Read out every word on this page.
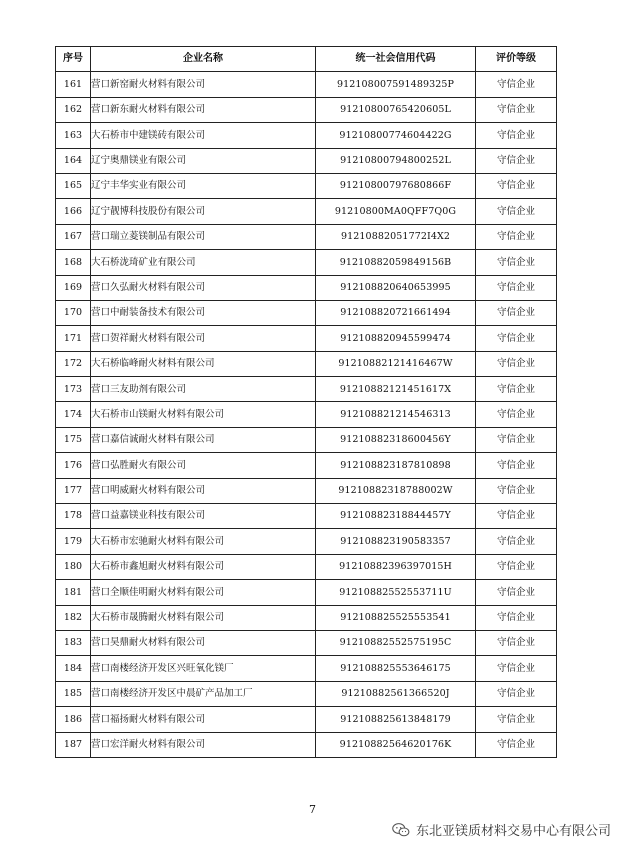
序号	企业名称	统一社会信用代码	评价等级
161	营口新窑耐火材料有限公司	912108007591489325P	守信企业
162	营口新东耐火材料有限公司	91210800765420605L	守信企业
163	大石桥市中建镁砖有限公司	91210800774604422G	守信企业
164	辽宁奥鼎镁业有限公司	91210800794800252L	守信企业
165	辽宁丰华实业有限公司	91210800797680866F	守信企业
166	辽宁靓博科技股份有限公司	91210800MA0QFF7Q0G	守信企业
167	营口瑞立菱镁制品有限公司	91210882051772I4X2	守信企业
168	大石桥泷琦矿业有限公司	91210882059849156B	守信企业
169	营口久弘耐火材料有限公司	912108820640653995	守信企业
170	营口中耐装备技术有限公司	912108820721661494	守信企业
171	营口贺祥耐火材料有限公司	912108820945599474	守信企业
172	大石桥临峰耐火材料有限公司	91210882121416467W	守信企业
173	营口三友助剂有限公司	91210882121451617X	守信企业
174	大石桥市山镁耐火材料有限公司	912108821214546313	守信企业
175	营口嘉信诚耐火材料有限公司	91210882318600456Y	守信企业
176	营口弘胜耐火有限公司	912108823187810898	守信企业
177	营口明威耐火材料有限公司	91210882318788002W	守信企业
178	营口益嘉镁业科技有限公司	91210882318844457Y	守信企业
179	大石桥市宏驰耐火材料有限公司	912108823190583357	守信企业
180	大石桥市鑫旭耐火材料有限公司	91210882396397015H	守信企业
181	营口全顺佳明耐火材料有限公司	91210882552553711U	守信企业
182	大石桥市晟腾耐火材料有限公司	912108825525553541	守信企业
183	营口昊鼎耐火材料有限公司	91210882552575195C	守信企业
184	营口南楼经济开发区兴旺氧化镁厂	912108825553646175	守信企业
185	营口南楼经济开发区中晨矿产品加工厂	91210882561366520J	守信企业
186	营口福扬耐火材料有限公司	912108825613848179	守信企业
187	营口宏洋耐火材料有限公司	91210882564620176K	守信企业
7
东北亚镁质材料交易中心有限公司
